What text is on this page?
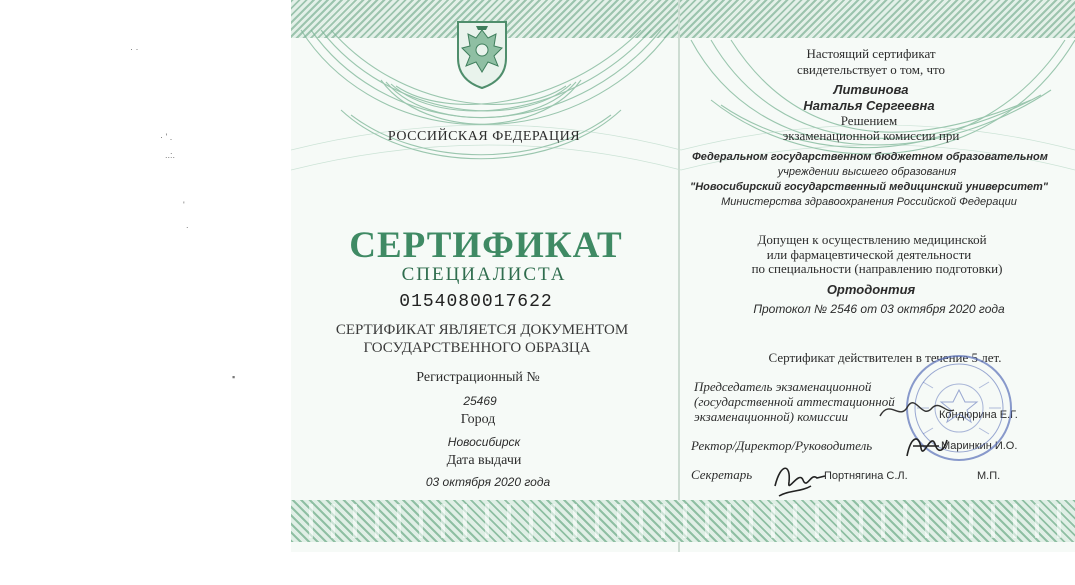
· ·
· ' .
..:.
'
.
▪
РОССИЙСКАЯ ФЕДЕРАЦИЯ
СЕРТИФИКАТ
СПЕЦИАЛИСТА
0154080017622
СЕРТИФИКАТ ЯВЛЯЕТСЯ ДОКУМЕНТОМ
ГОСУДАРСТВЕННОГО ОБРАЗЦА
Регистрационный №
25469
Город
Новосибирск
Дата выдачи
03 октября 2020 года
Настоящий сертификат
свидетельствует о том, что
Литвинова
Наталья Сергеевна
Решением
экзаменационной комиссии при
Федеральном государственном бюджетном образовательном
учреждении высшего образования
"Новосибирский государственный медицинский университет"
Министерства здравоохранения Российской Федерации
Допущен к осуществлению медицинской
или фармацевтической деятельности
по специальности (направлению подготовки)
Ортодонтия
Протокол № 2546 от 03 октября 2020 года
Сертификат действителен в течение 5 лет.
Председатель экзаменационной
(государственной аттестационной
экзаменационной) комиссии	Кондюрина Е.Г.
Ректор/Директор/Руководитель	Маринкин И.О.
Секретарь	Портнягина С.Л.	М.П.
